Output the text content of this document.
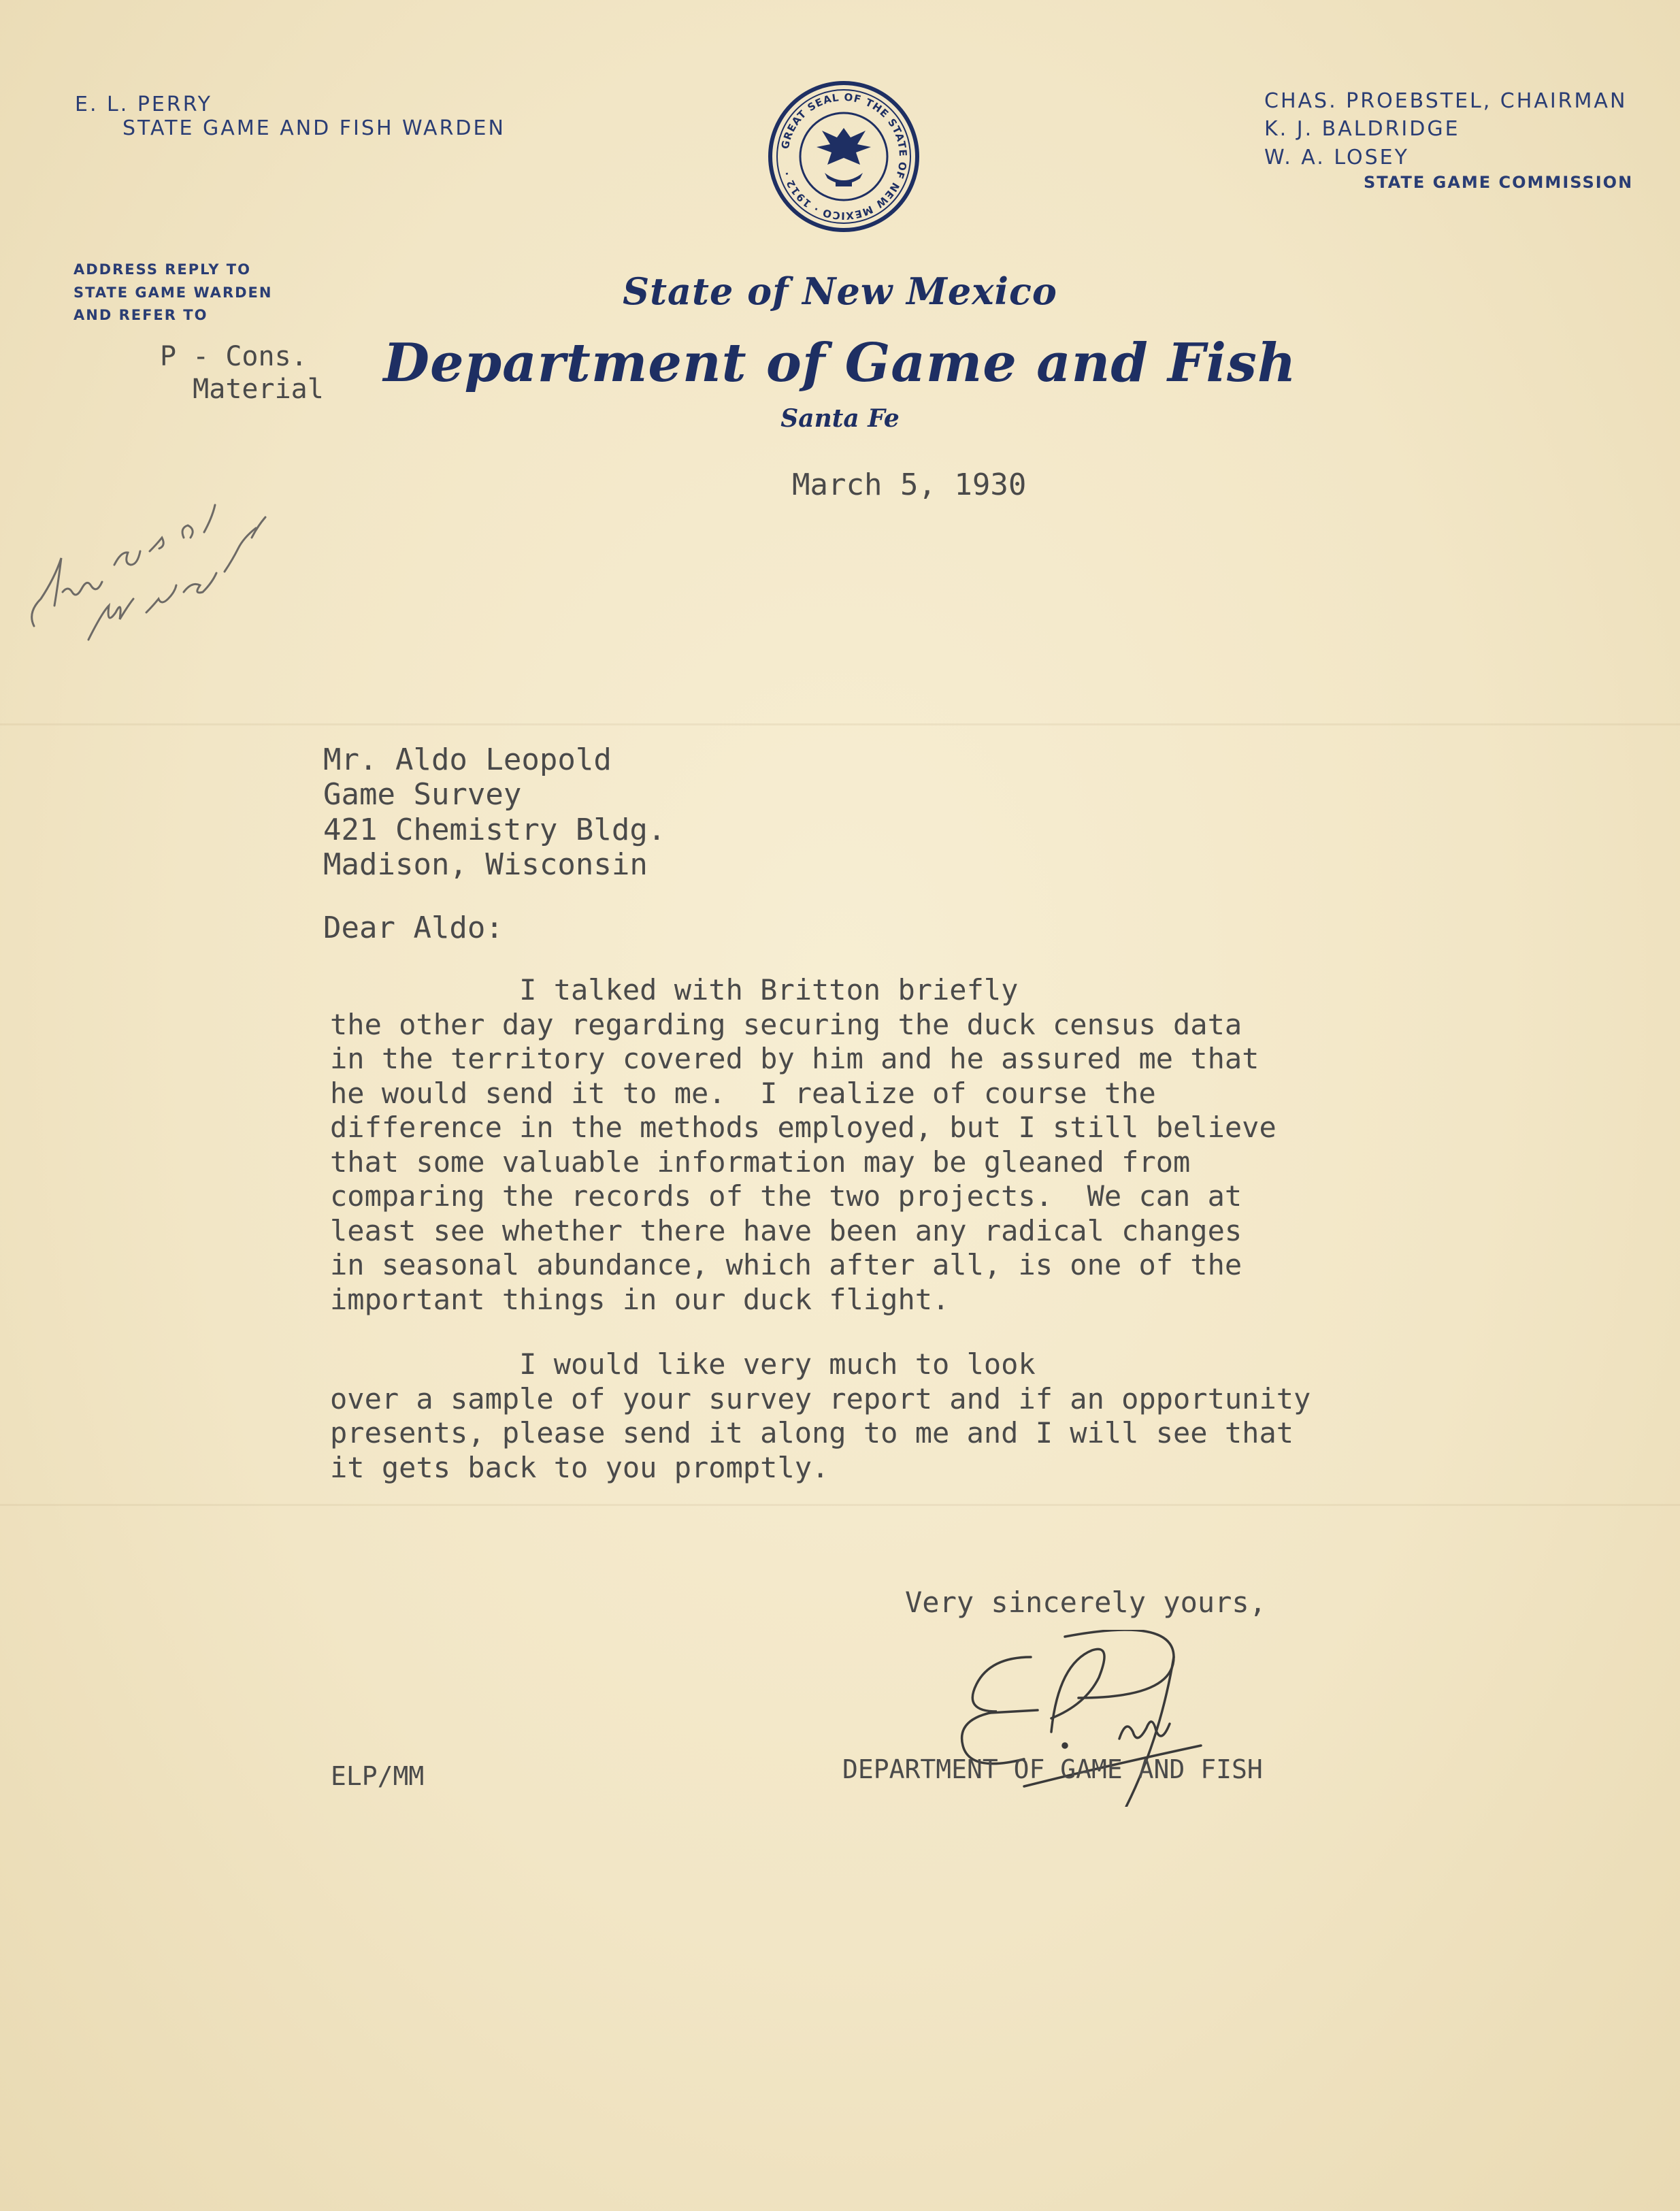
E. L. PERRY
STATE GAME AND FISH WARDEN
ADDRESS REPLY TO
STATE GAME WARDEN
AND REFER TO
P - Cons.
Material
CHAS. PROEBSTEL, CHAIRMAN
K. J. BALDRIDGE
W. A. LOSEY
STATE GAME COMMISSION
GREAT SEAL OF THE STATE OF NEW MEXICO · 1912 ·
State of New Mexico
Department of Game and Fish
Santa Fe
March 5, 1930
Mr. Aldo Leopold
Game Survey
421 Chemistry Bldg.
Madison, Wisconsin
Dear Aldo:
I talked with Britton briefly
the other day regarding securing the duck census data
in the territory covered by him and he assured me that
he would send it to me.  I realize of course the
difference in the methods employed, but I still believe
that some valuable information may be gleaned from
comparing the records of the two projects.  We can at
least see whether there have been any radical changes
in seasonal abundance, which after all, is one of the
important things in our duck flight.
I would like very much to look
over a sample of your survey report and if an opportunity
presents, please send it along to me and I will see that
it gets back to you promptly.
Very sincerely yours,
ELP/MM	DEPARTMENT OF GAME AND FISH
